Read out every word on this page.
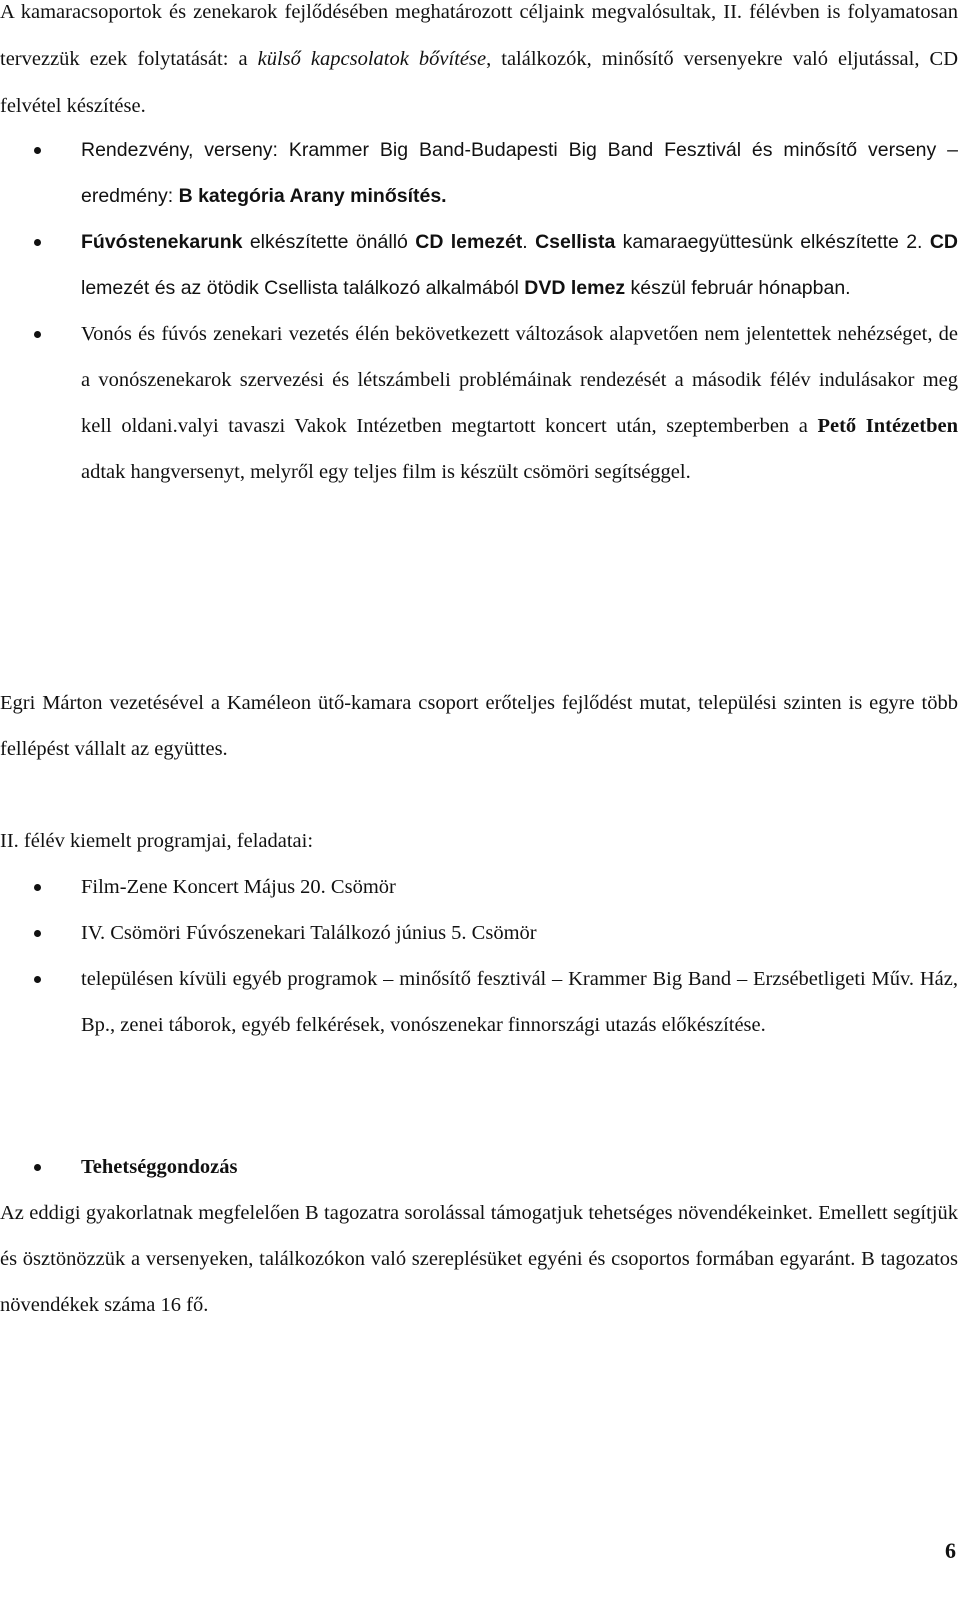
A kamaracsoportok és zenekarok fejlődésében meghatározott céljaink megvalósultak, II. félévben is folyamatosan tervezzük ezek folytatását: a külső kapcsolatok bővítése, találkozók, minősítő versenyekre való eljutással, CD felvétel készítése.

Rendezvény, verseny: Krammer Big Band-Budapesti Big Band Fesztivál és minősítő verseny – eredmény: B kategória Arany minősítés.
Fúvóstenekarunk elkészítette önálló CD lemezét. Csellista kamaraegyüttesünk elkészítette 2. CD lemezét és az ötödik Csellista találkozó alkalmából DVD lemez készül február hónapban.
Vonós és fúvós zenekari vezetés élén bekövetkezett változások alapvetően nem jelentettek nehézséget, de a vonószenekarok szervezési és létszámbeli problémáinak rendezését a második félév indulásakor meg kell oldani.valyi tavaszi Vakok Intézetben megtartott koncert után, szeptemberben a Pető Intézetben adtak hangversenyt, melyről egy teljes film is készült csömöri segítséggel.

Egri Márton vezetésével a Kaméleon ütő-kamara csoport erőteljes fejlődést mutat, települési szinten is egyre több fellépést vállalt az együttes.

II. félév kiemelt programjai, feladatai:

Film-Zene Koncert Május 20. Csömör
IV. Csömöri Fúvószenekari Találkozó június 5. Csömör
településen kívüli egyéb programok – minősítő fesztivál – Krammer Big Band – Erzsébetligeti Műv. Ház, Bp., zenei táborok, egyéb felkérések, vonószenekar finnországi utazás előkészítése.
Tehetséggondozás

Az eddigi gyakorlatnak megfelelően B tagozatra sorolással támogatjuk tehetséges növendékeinket. Emellett segítjük és ösztönözzük a versenyeken, találkozókon való szereplésüket egyéni és csoportos formában egyaránt. B tagozatos növendékek száma 16 fő.

6
